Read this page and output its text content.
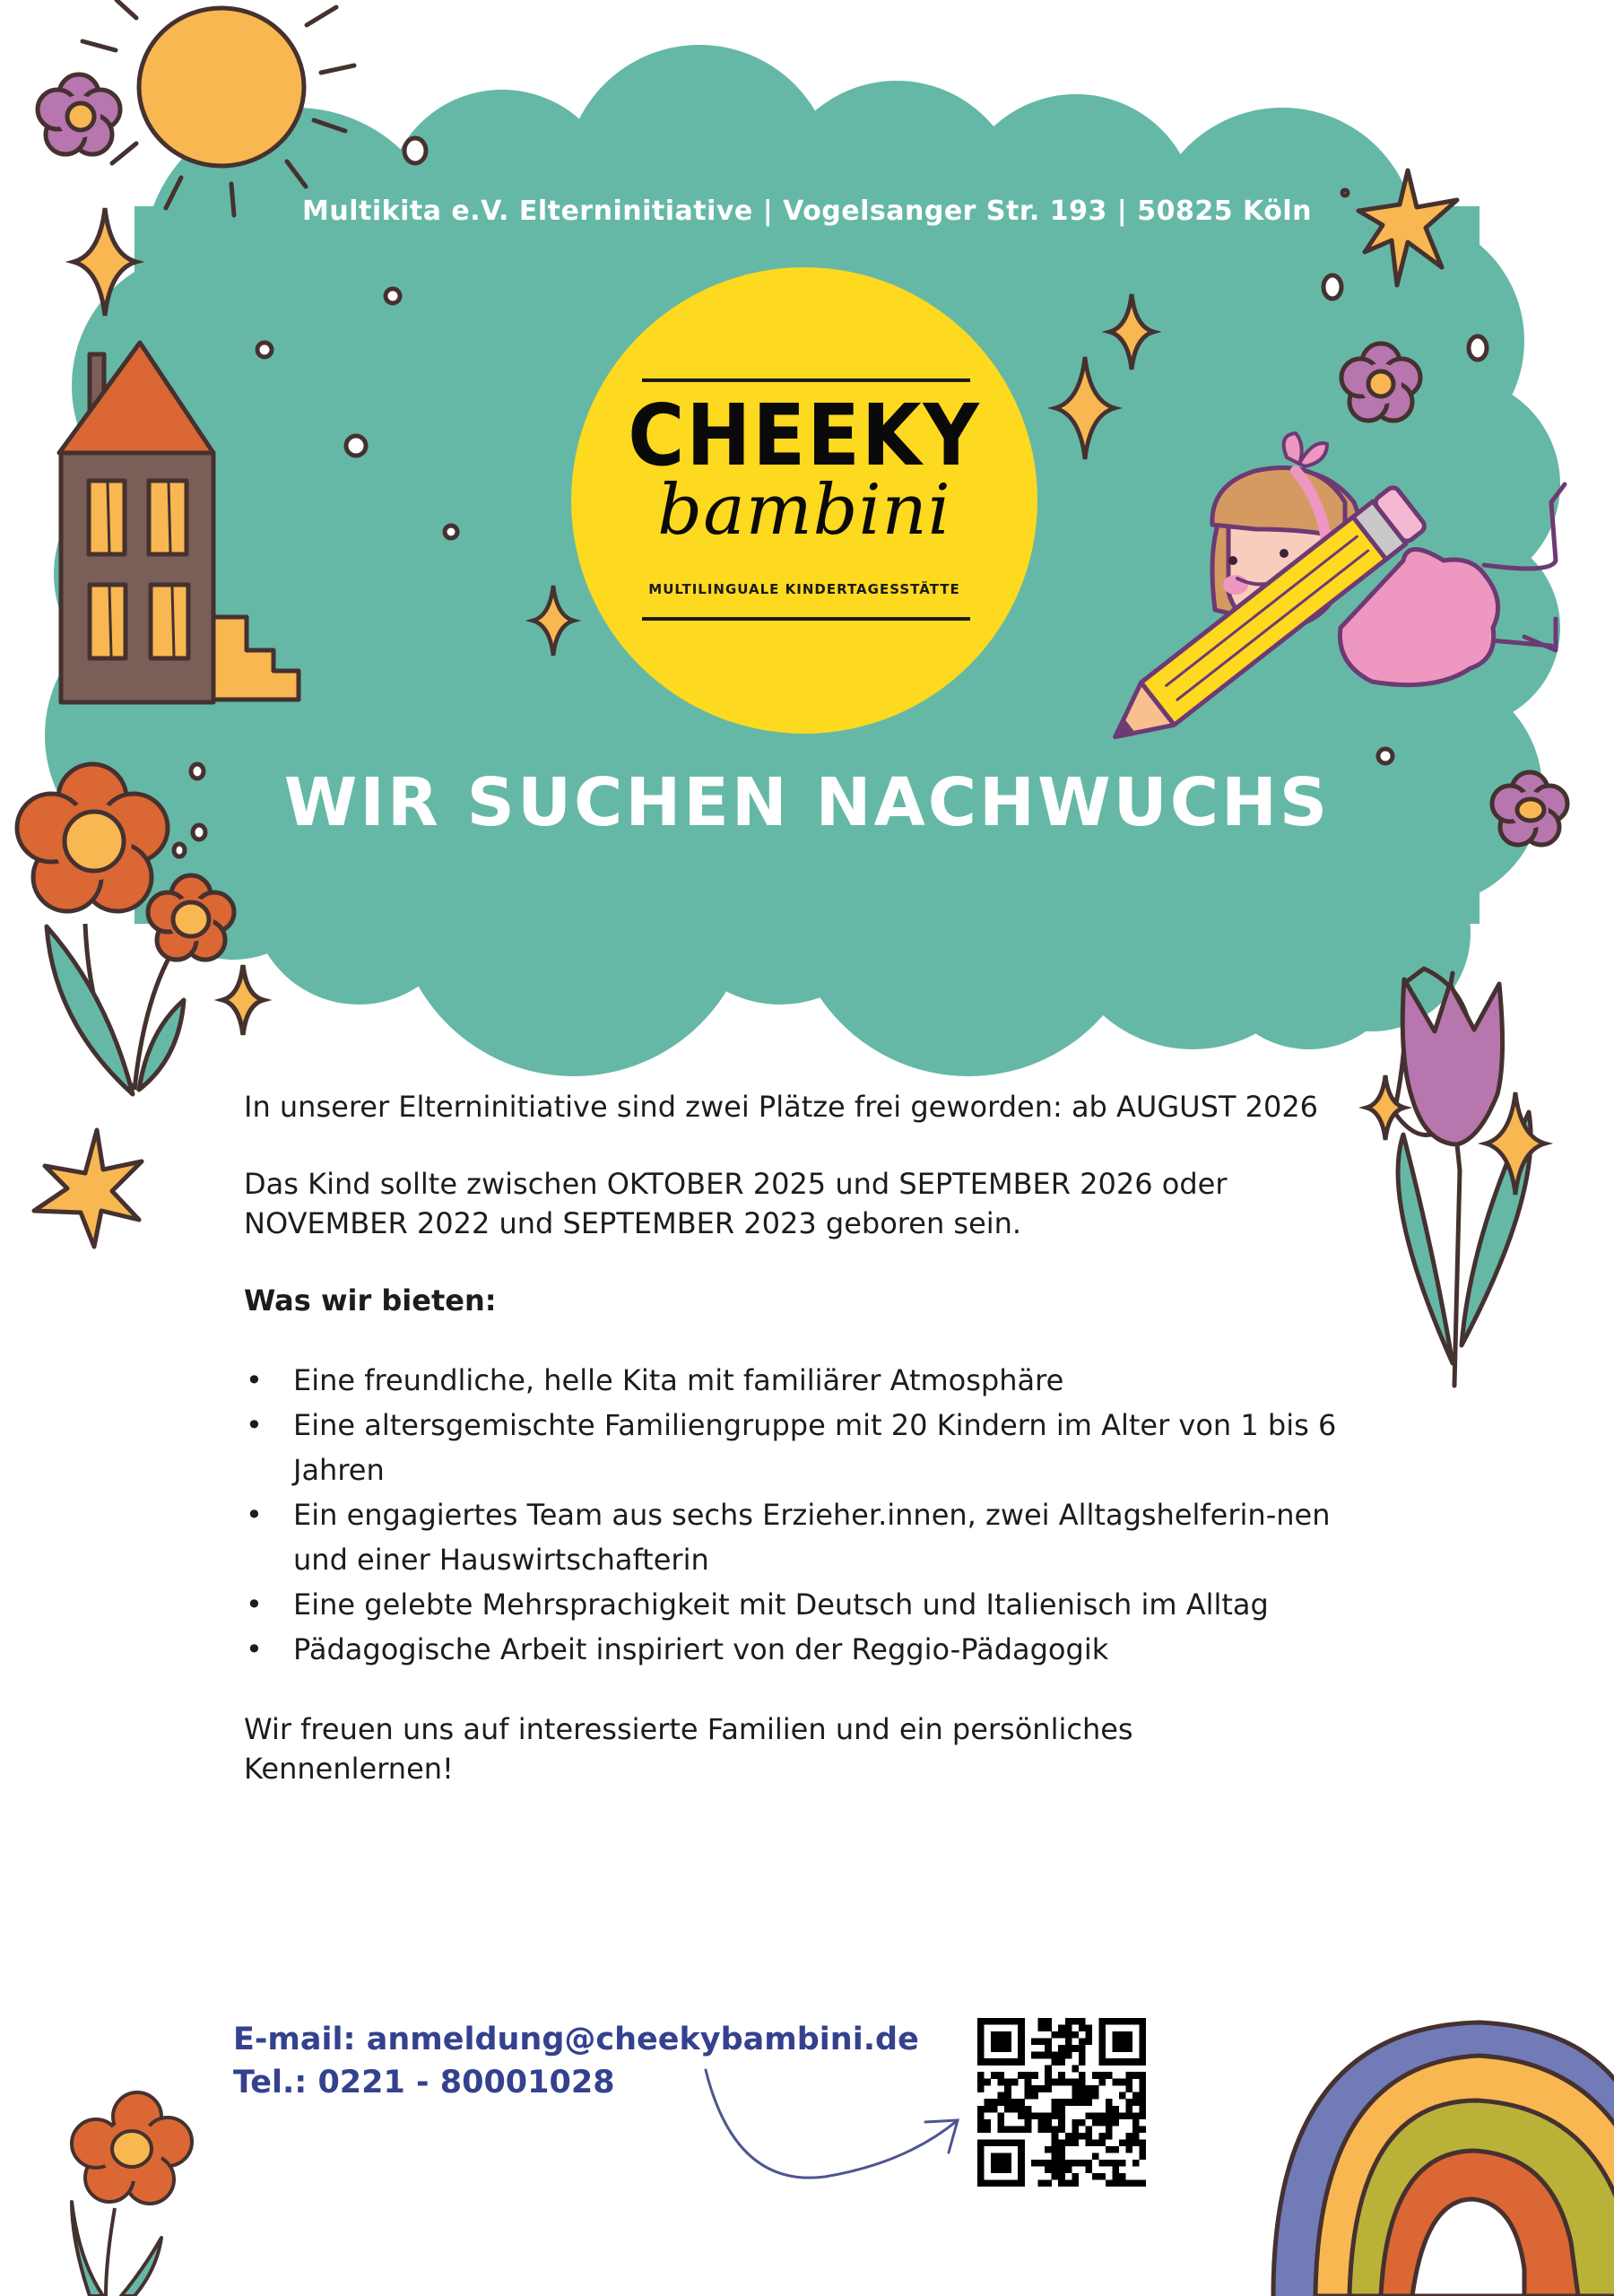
Multikita e.V. Elterninitiative | Vogelsanger Str. 193 | 50825 Köln
CHEEKY
bambini
MULTILINGUALE KINDERTAGESSTÄTTE
WIR SUCHEN NACHWUCHS

In unserer Elterninitiative sind zwei Plätze frei geworden: ab AUGUST 2026

Das Kind sollte zwischen OKTOBER 2025 und SEPTEMBER 2026 oder NOVEMBER 2022 und SEPTEMBER 2023 geboren sein.

Was wir bieten:

• Eine freundliche, helle Kita mit familiärer Atmosphäre
• Eine altersgemischte Familiengruppe mit 20 Kindern im Alter von 1 bis 6 Jahren
• Ein engagiertes Team aus sechs Erzieher.innen, zwei Alltagshelferin-nen und einer Hauswirtschafterin
• Eine gelebte Mehrsprachigkeit mit Deutsch und Italienisch im Alltag
• Pädagogische Arbeit inspiriert von der Reggio-Pädagogik

Wir freuen uns auf interessierte Familien und ein persönliches Kennenlernen!

E-mail: anmeldung@cheekybambini.de
Tel.: 0221 - 80001028
